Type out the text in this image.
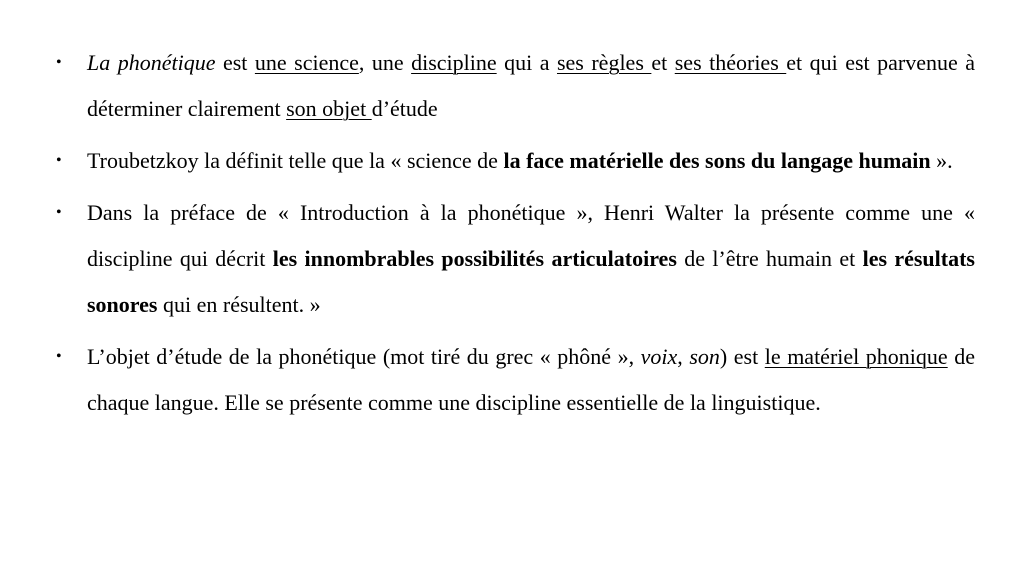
• La phonétique est une science, une discipline qui a ses règles et ses théories et qui est parvenue à déterminer clairement son objet d’étude
• Troubetzkoy la définit telle que la « science de la face matérielle des sons du langage humain ».
• Dans la préface de « Introduction à la phonétique », Henri Walter la présente comme une « discipline qui décrit les innombrables possibilités articulatoires de l’être humain et les résultats sonores qui en résultent. »
• L’objet d’étude de la phonétique (mot tiré du grec « phôné », voix, son) est le matériel phonique de chaque langue. Elle se présente comme une discipline essentielle de la linguistique.
